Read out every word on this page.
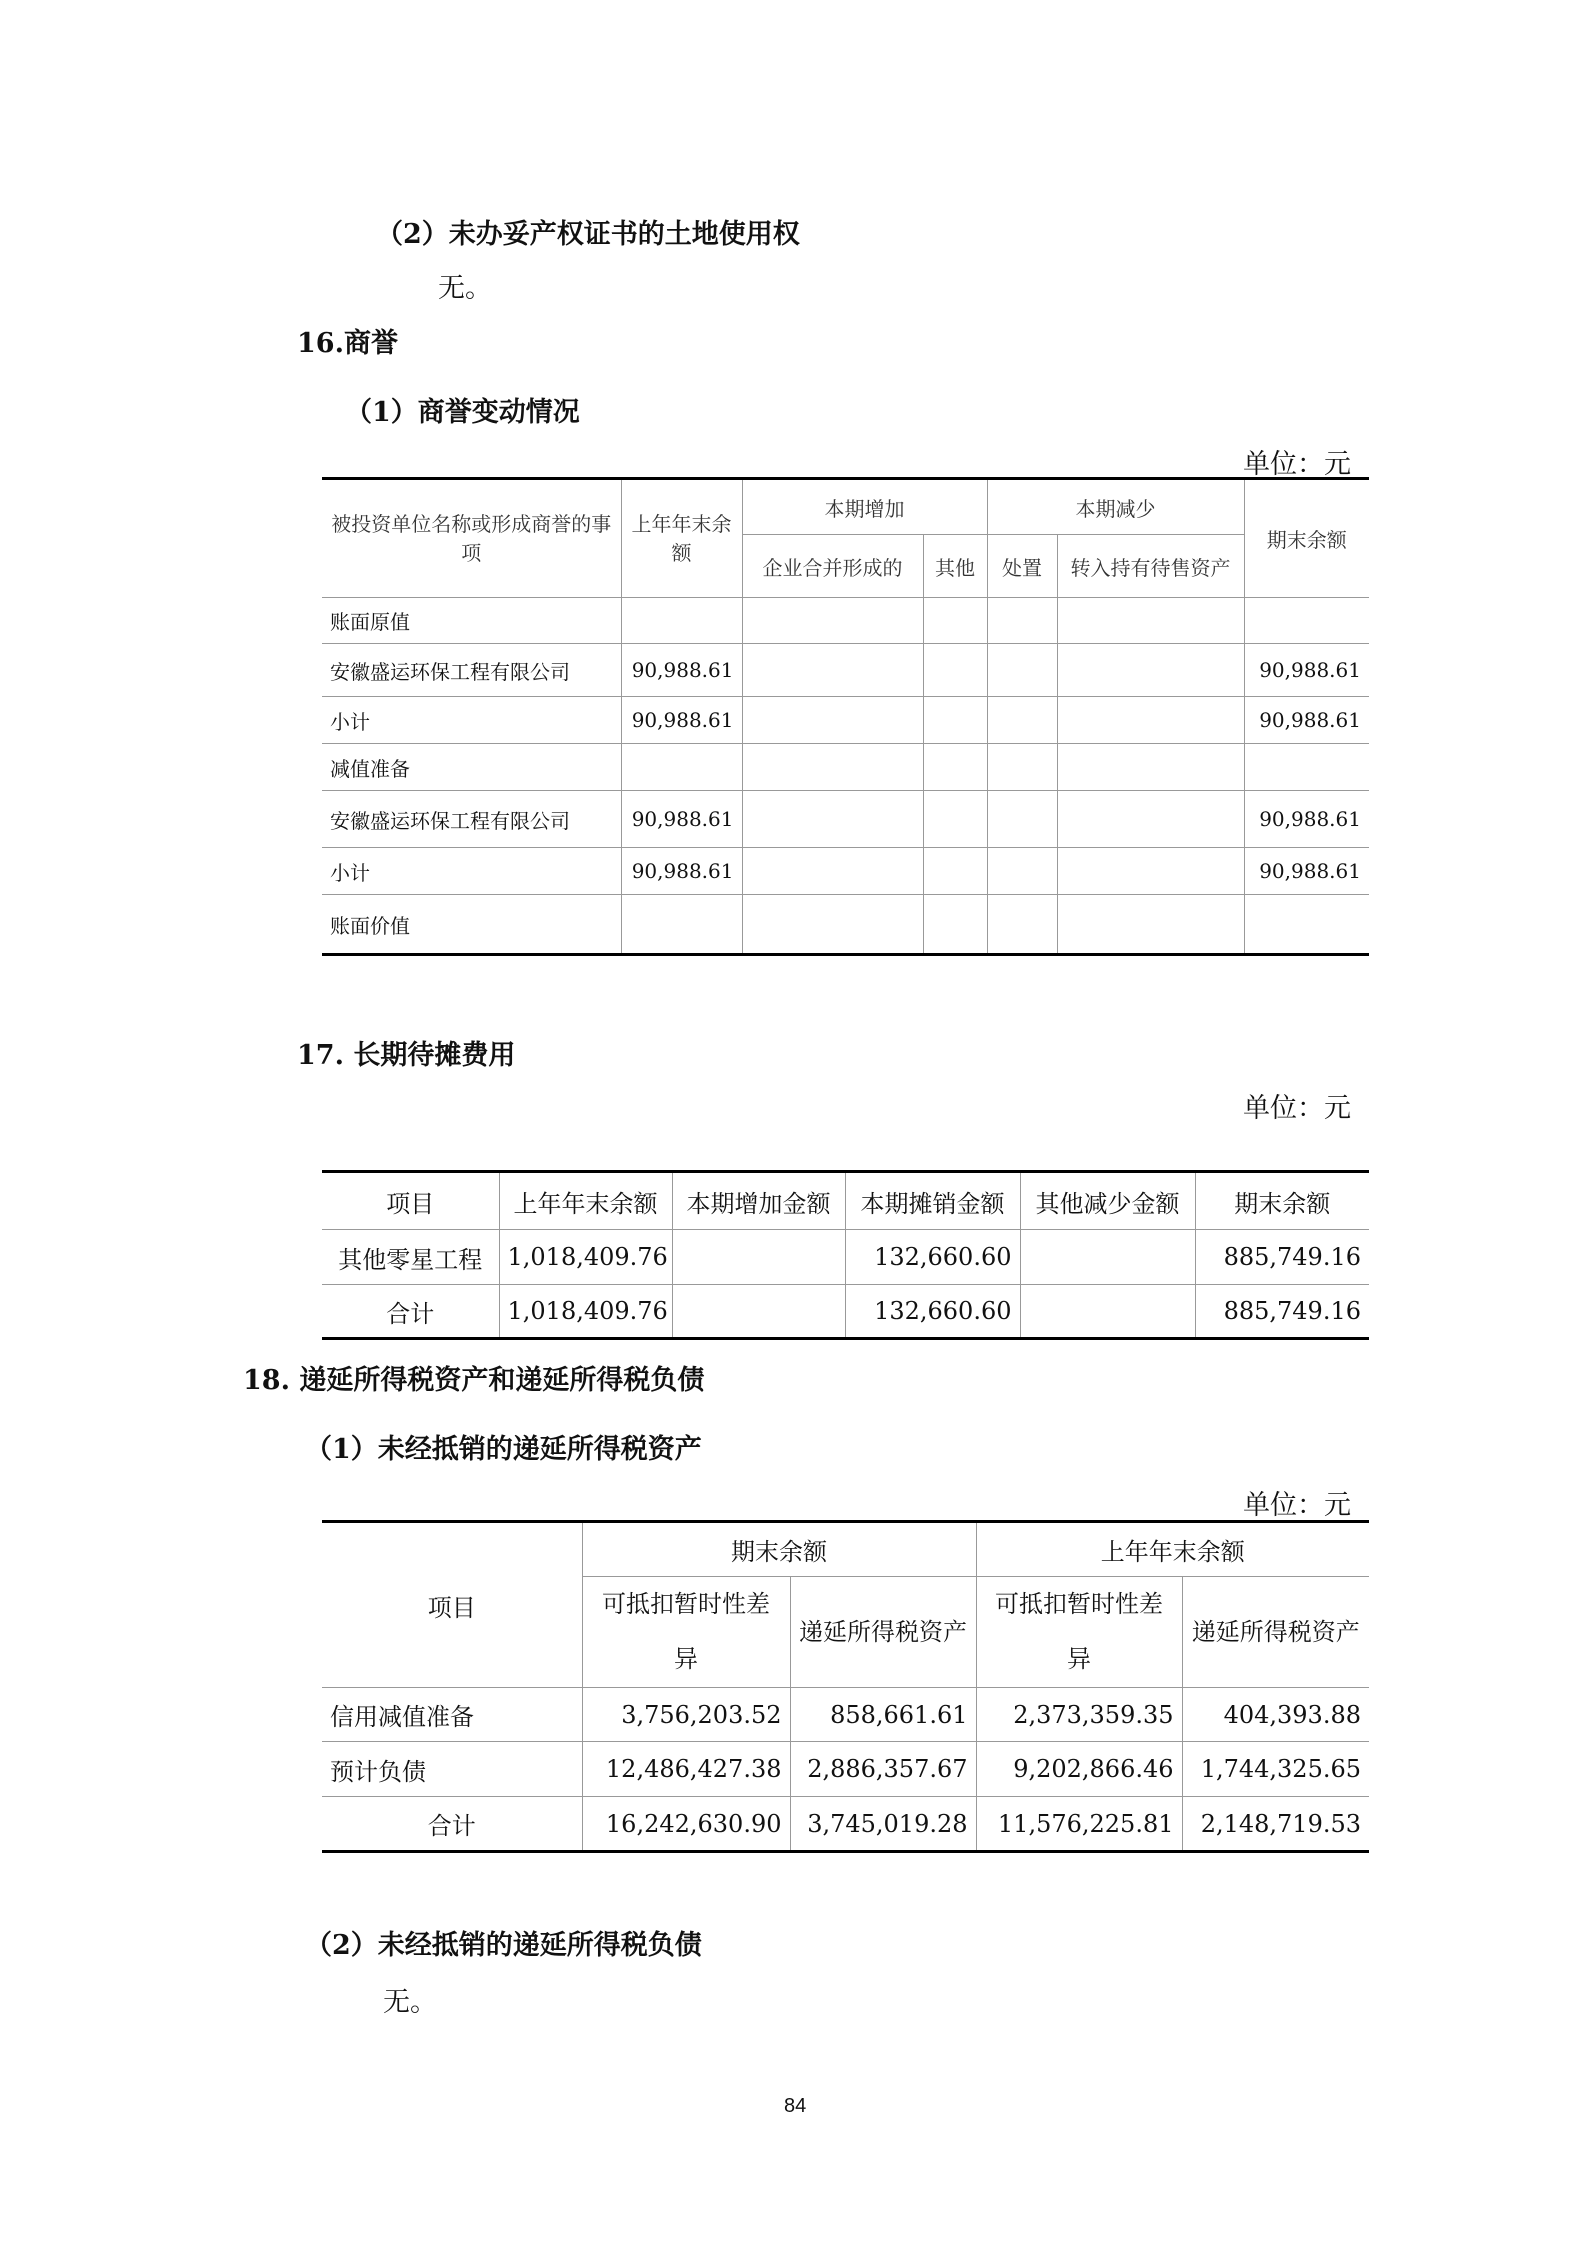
（2）未办妥产权证书的土地使用权
无。
16.商誉
（1）商誉变动情况
单位：元
被投资单位名称或形成商誉的事项	上年年末余额	本期增加		本期减少		期末余额
		企业合并形成的	其他	处置	转入持有待售资产	
账面原值						
安徽盛运环保工程有限公司	90,988.61					90,988.61
小计	90,988.61					90,988.61
减值准备						
安徽盛运环保工程有限公司	90,988.61					90,988.61
小计	90,988.61					90,988.61
账面价值						
17. 长期待摊费用
单位：元
项目	上年年末余额	本期增加金额	本期摊销金额	其他减少金额	期末余额
其他零星工程	1,018,409.76		132,660.60		885,749.16
合计	1,018,409.76		132,660.60		885,749.16
18. 递延所得税资产和递延所得税负债
（1）未经抵销的递延所得税资产
单位：元
项目	期末余额		上年年末余额	
	可抵扣暂时性差异	递延所得税资产	可抵扣暂时性差异	递延所得税资产
信用减值准备	3,756,203.52	858,661.61	2,373,359.35	404,393.88
预计负债	12,486,427.38	2,886,357.67	9,202,866.46	1,744,325.65
合计	16,242,630.90	3,745,019.28	11,576,225.81	2,148,719.53
（2）未经抵销的递延所得税负债
无。
84
